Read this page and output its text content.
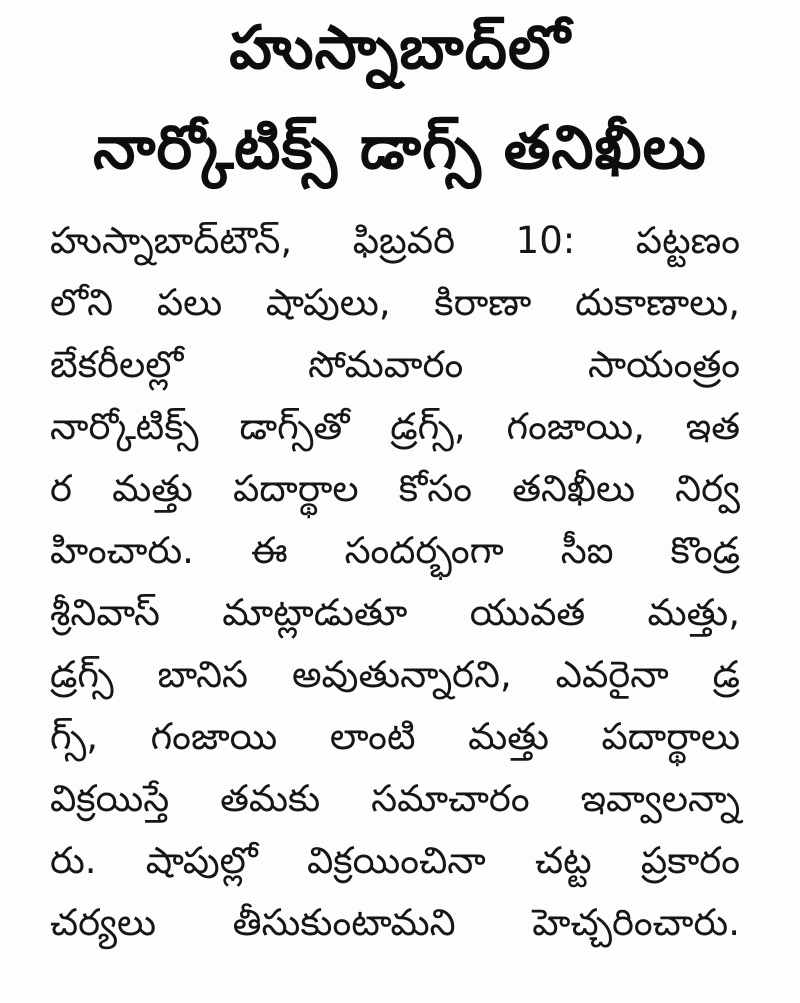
హుస్నాబాద్‌లో
నార్కోటిక్స్ డాగ్స్ తనిఖీలు
హుస్నాబాద్‌టౌన్, ఫిబ్రవరి 10: పట్టణం
లోని పలు షాపులు, కిరాణా దుకాణాలు,
బేకరీలల్లో సోమవారం సాయంత్రం
నార్కోటిక్స్ డాగ్స్‌తో డ్రగ్స్, గంజాయి, ఇత
ర మత్తు పదార్థాల కోసం తనిఖీలు నిర్వ
హించారు. ఈ సందర్భంగా సీఐ కొండ్ర
శ్రీనివాస్ మాట్లాడుతూ యువత మత్తు,
డ్రగ్స్ బానిస అవుతున్నారని, ఎవరైనా డ్ర
గ్స్, గంజాయి లాంటి మత్తు పదార్థాలు
విక్రయిస్తే తమకు సమాచారం ఇవ్వాలన్నా
రు. షాపుల్లో విక్రయించినా చట్ట ప్రకారం
చర్యలు తీసుకుంటామని హెచ్చరించారు.
